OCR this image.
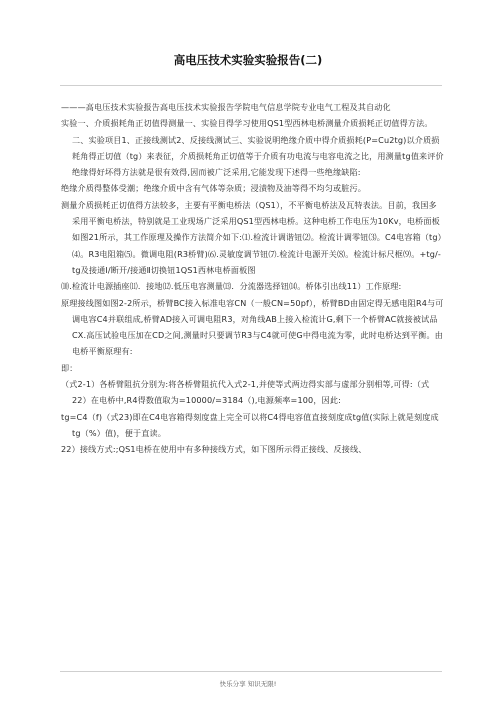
高电压技术实验实验报告(二)

———高电压技术实验报告高电压技术实验报告学院电气信息学院专业电气工程及其自动化

实验一、介质损耗角正切值得测量一、实验目得学习使用QS1型西林电桥测量介质损耗正切值得方法。二、实验项目1、正接线测试2、反接线测试三、实验说明绝缘介质中得介质损耗(P=Cu2tg)以介质损耗角得正切值（tg）来表征，介质损耗角正切值等于介质有功电流与电容电流之比，用测量tg值来评价绝缘得好坏得方法就是很有效得,因而被广泛采用,它能发现下述得一些绝缘缺陷:

绝缘介质得整体受潮；绝缘介质中含有气体等杂质；浸渍物及油等得不均匀或脏污。

测量介质损耗正切值得方法较多，主要有平衡电桥法（QS1），不平衡电桥法及瓦特表法。目前，我国多采用平衡电桥法，特别就是工业现场广泛采用QS1型西林电桥。这种电桥工作电压为10Kv，电桥面板如图21所示，其工作原理及操作方法简介如下:⑴.检流计调谐钮⑵。检流计调零钮⑶。C4电容箱（tg）⑷。R3电阻箱⑸。微调电阻(R3桥臂)⑹.灵敏度调节钮⑺.检流计电源开关⑻。检流计标尺框⑼。+tg/-tg及接通Ⅰ/断开/接通Ⅱ切换钮1QS1西林电桥面板图

⑽.检流计电源插座⑾．接地⑿.低压电容测量⒀．分流器选择钮⒁。桥体引出线11）工作原理:

原理接线图如图2-2所示，桥臂BC接入标准电容CN（一般CN=50pf），桥臂BD由固定得无感电阻R4与可调电容C4并联组成,桥臂AD接入可调电阻R3，对角线AB上接入检流计G,剩下一个桥臂AC就接被试品CX.高压试验电压加在CD之间,测量时只要调节R3与C4就可使G中得电流为零，此时电桥达到平衡。由电桥平衡原理有:

即：

（式2-1）各桥臂阻抗分别为:将各桥臂阻抗代入式2-1,并使等式两边得实部与虚部分别相等,可得:（式22）在电桥中,R4得数值取为=10000/=3184（),电源频率=100，因此:

tg=C4（f)（式23)即在C4电容箱得刻度盘上完全可以将C4得电容值直接刻度成tg值(实际上就是刻度成tg（%）值)，便于直读。

22）接线方式:;QS1电桥在使用中有多种接线方式，如下图所示得正接线、反接线、

快乐分享 知识无限!
